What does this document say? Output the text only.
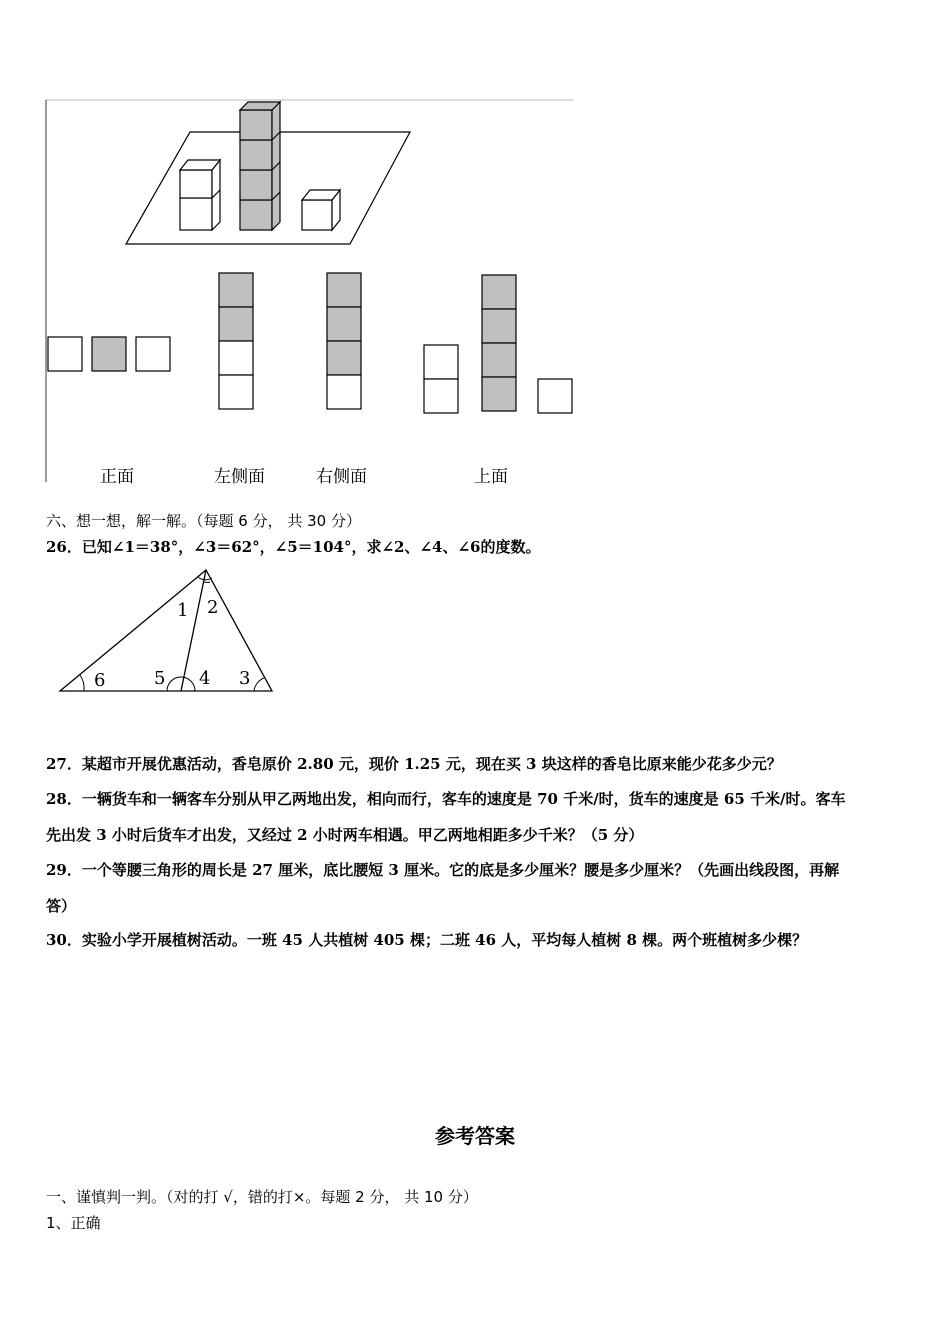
正面	左侧面	右侧面	上面
六、想一想，解一解。（每题 6 分， 共 30 分）
26．已知∠1＝38°，∠3＝62°，∠5＝104°，求∠2、∠4、∠6的度数。
1 2
3
4
5
6
27．某超市开展优惠活动，香皂原价 2.80 元，现价 1.25 元，现在买 3 块这样的香皂比原来能少花多少元？
28．一辆货车和一辆客车分别从甲乙两地出发，相向而行，客车的速度是 70 千米/时，货车的速度是 65 千米/时。客车
先出发 3 小时后货车才出发，又经过 2 小时两车相遇。甲乙两地相距多少千米？（5 分）
29．一个等腰三角形的周长是 27 厘米，底比腰短 3 厘米。它的底是多少厘米？腰是多少厘米？（先画出线段图，再解
答）
30．实验小学开展植树活动。一班 45 人共植树 405 棵；二班 46 人，平均每人植树 8 棵。两个班植树多少棵？
参考答案
一、谨慎判一判。（对的打 √，错的打×。每题 2 分， 共 10 分）
1、正确
